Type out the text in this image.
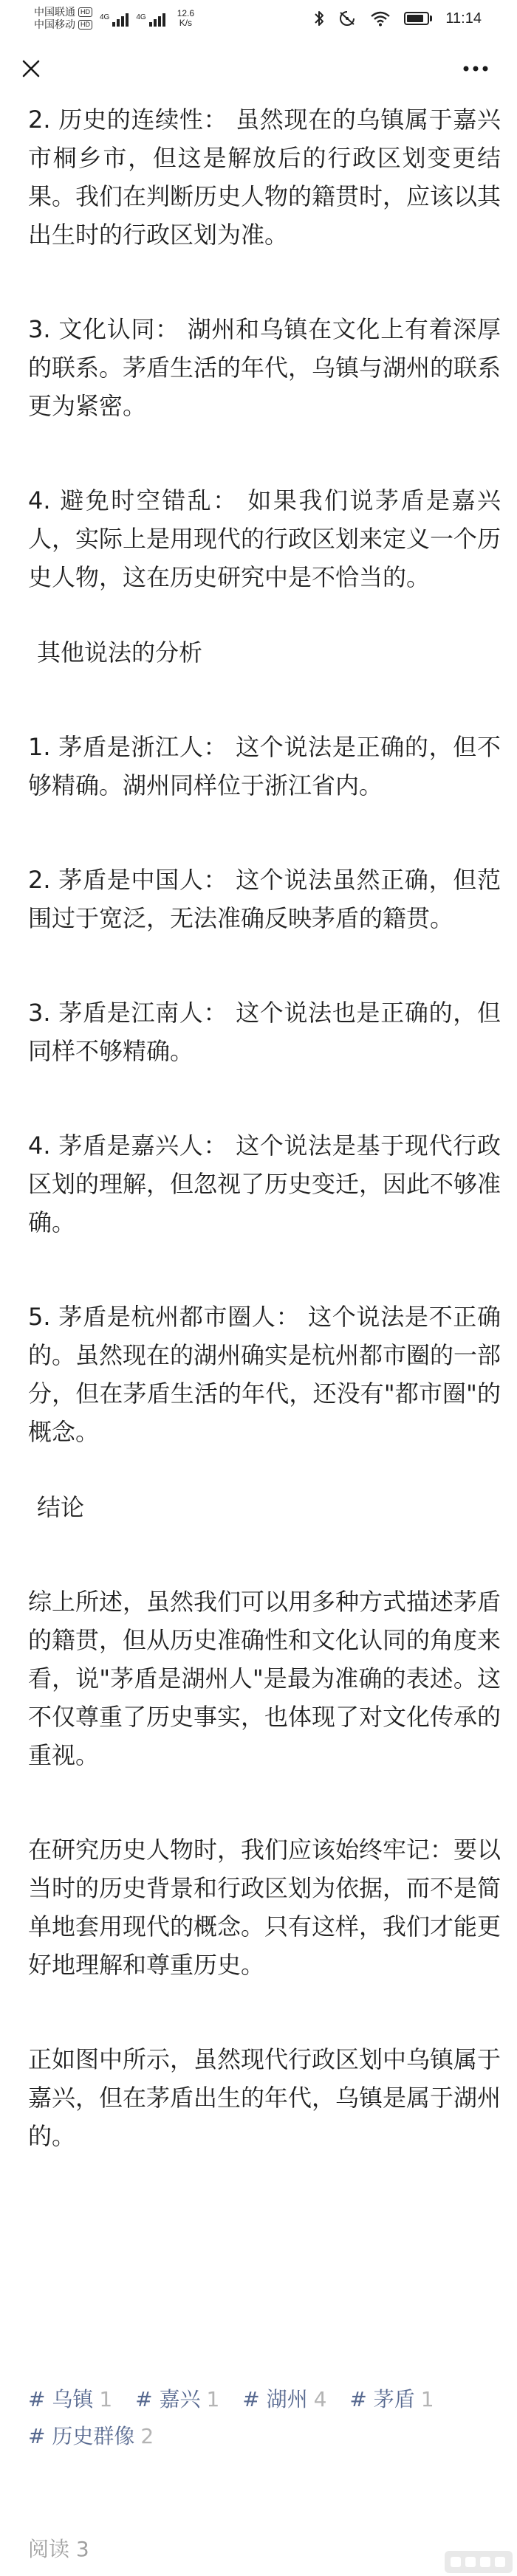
中国联通 HD
中国移动 HD
4G	4G	12.6
K/s	11:14

2. 历史的连续性： 虽然现在的乌镇属于嘉兴市桐乡市，但这是解放后的行政区划变更结果。我们在判断历史人物的籍贯时，应该以其出生时的行政区划为准。

3. 文化认同： 湖州和乌镇在文化上有着深厚的联系。茅盾生活的年代，乌镇与湖州的联系更为紧密。

4. 避免时空错乱： 如果我们说茅盾是嘉兴人，实际上是用现代的行政区划来定义一个历史人物，这在历史研究中是不恰当的。

其他说法的分析

1. 茅盾是浙江人： 这个说法是正确的，但不够精确。湖州同样位于浙江省内。

2. 茅盾是中国人： 这个说法虽然正确，但范围过于宽泛，无法准确反映茅盾的籍贯。

3. 茅盾是江南人： 这个说法也是正确的，但同样不够精确。

4. 茅盾是嘉兴人： 这个说法是基于现代行政区划的理解，但忽视了历史变迁，因此不够准确。

5. 茅盾是杭州都市圈人： 这个说法是不正确的。虽然现在的湖州确实是杭州都市圈的一部分，但在茅盾生活的年代，还没有"都市圈"的概念。

结论

综上所述，虽然我们可以用多种方式描述茅盾的籍贯，但从历史准确性和文化认同的角度来看，说"茅盾是湖州人"是最为准确的表述。这不仅尊重了历史事实，也体现了对文化传承的重视。

在研究历史人物时，我们应该始终牢记：要以当时的历史背景和行政区划为依据，而不是简单地套用现代的概念。只有这样，我们才能更好地理解和尊重历史。

正如图中所示，虽然现代行政区划中乌镇属于嘉兴，但在茅盾出生的年代，乌镇是属于湖州的。

# 乌镇 1 # 嘉兴 1 # 湖州 4 # 茅盾 1 # 历史群像 2
阅读 3
